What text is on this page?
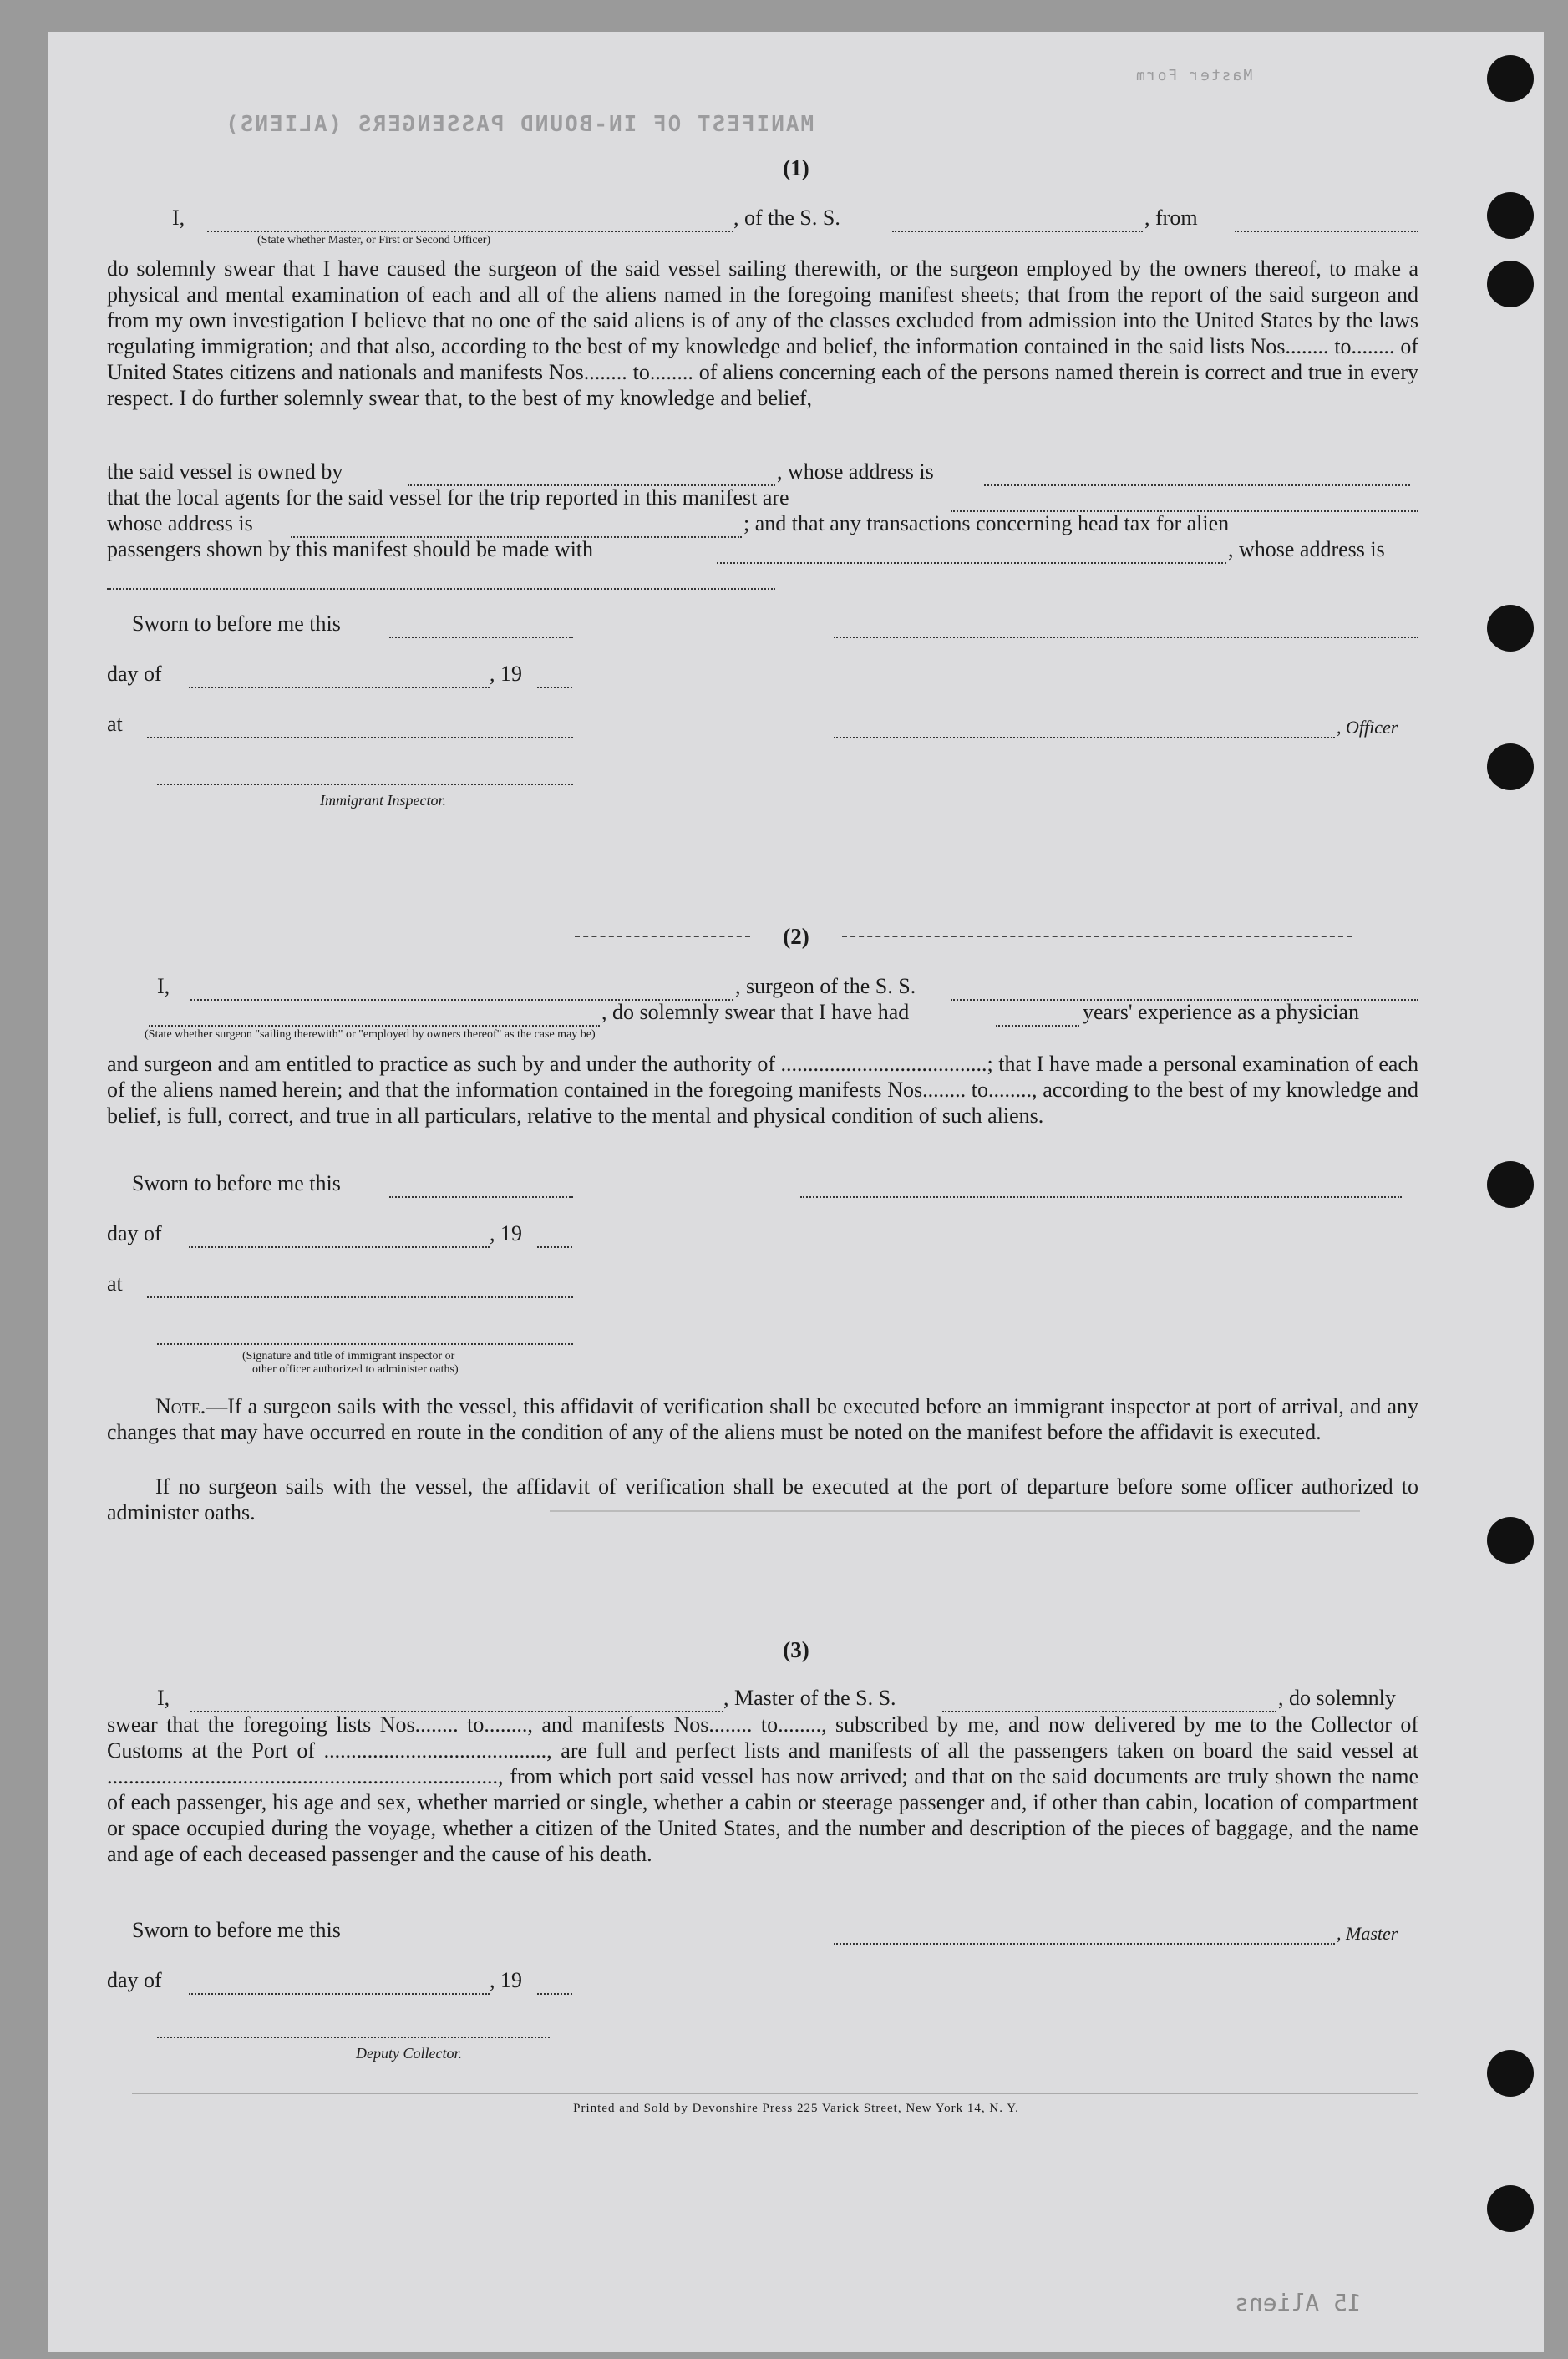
MANIFEST OF IN-BOUND PASSENGERS (ALIENS)
Master Form
(1)
I,	, of the S. S.	, from
(State whether Master, or First or Second Officer)
do solemnly swear that I have caused the surgeon of the said vessel sailing therewith, or the surgeon employed by the owners thereof, to make a physical and mental examination of each and all of the aliens named in the foregoing manifest sheets; that from the report of the said surgeon and from my own investigation I believe that no one of the said aliens is of any of the classes excluded from admission into the United States by the laws regulating immigration; and that also, according to the best of my knowledge and belief, the information contained in the said lists Nos........ to........ of United States citizens and nationals and manifests Nos........ to........ of aliens concerning each of the persons named therein is correct and true in every respect. I do further solemnly swear that, to the best of my knowledge and belief,
the said vessel is owned by	, whose address is
that the local agents for the said vessel for the trip reported in this manifest are
whose address is	; and that any transactions concerning head tax for alien
passengers shown by this manifest should be made with	, whose address is
Sworn to before me this
day of	, 19
at	, Officer
Immigrant Inspector.
(2)
I,	, surgeon of the S. S.
, do solemnly swear that I have had	years' experience as a physician
(State whether surgeon "sailing therewith" or "employed by owners thereof" as the case may be)
and surgeon and am entitled to practice as such by and under the authority of ......................................; that I have made a personal examination of each of the aliens named herein; and that the information contained in the foregoing manifests Nos........ to........, according to the best of my knowledge and belief, is full, correct, and true in all particulars, relative to the mental and physical condition of such aliens.
Sworn to before me this
day of	, 19
at
(Signature and title of immigrant inspector or
other officer authorized to administer oaths)
Note.—If a surgeon sails with the vessel, this affidavit of verification shall be executed before an immigrant inspector at port of arrival, and any changes that may have occurred en route in the condition of any of the aliens must be noted on the manifest before the affidavit is executed.
If no surgeon sails with the vessel, the affidavit of verification shall be executed at the port of departure before some officer authorized to administer oaths.
(3)
I,	, Master of the S. S.	, do solemnly
swear that the foregoing lists Nos........ to........, and manifests Nos........ to........, subscribed by me, and now delivered by me to the Collector of Customs at the Port of ........................................., are full and perfect lists and manifests of all the passengers taken on board the said vessel at ........................................................................, from which port said vessel has now arrived; and that on the said documents are truly shown the name of each passenger, his age and sex, whether married or single, whether a cabin or steerage passenger and, if other than cabin, location of compartment or space occupied during the voyage, whether a citizen of the United States, and the number and description of the pieces of baggage, and the name and age of each deceased passenger and the cause of his death.
Sworn to before me this	, Master
day of	, 19
Deputy Collector.
Printed and Sold by Devonshire Press 225 Varick Street, New York 14, N. Y.
15 Aliens
